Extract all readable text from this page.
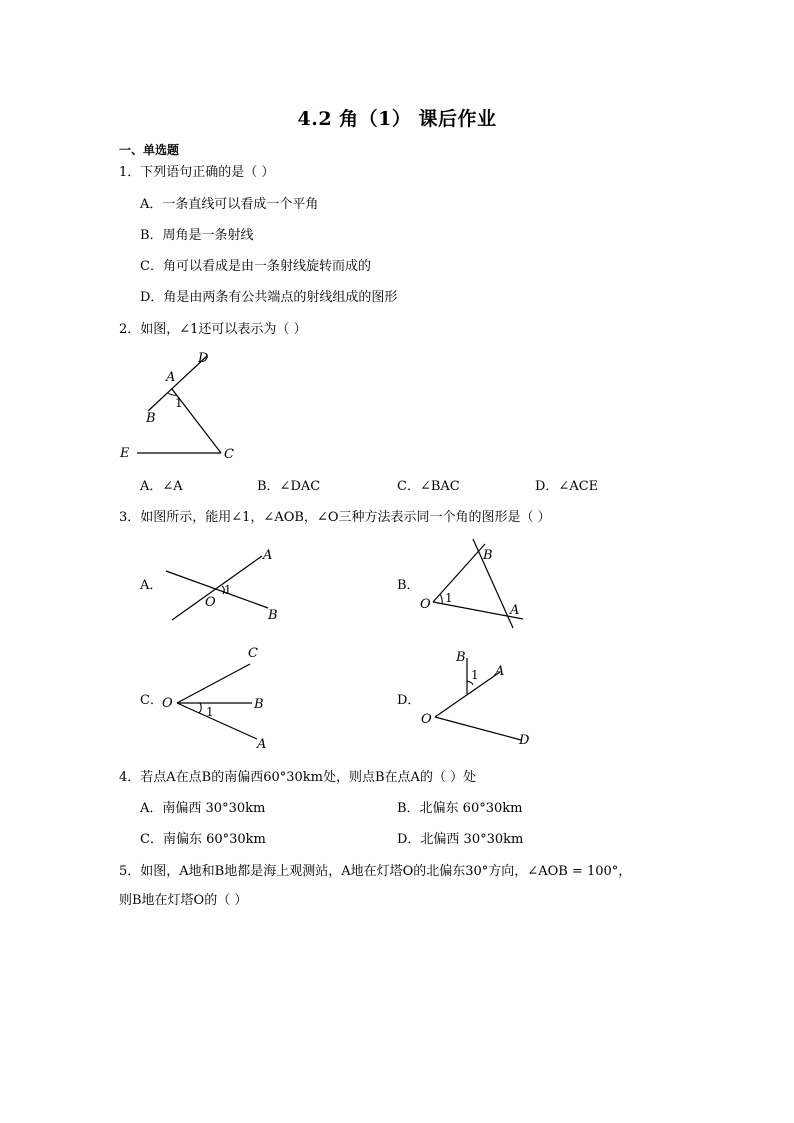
4.2 角（1） 课后作业
一、单选题
1．下列语句正确的是（ ）
A．一条直线可以看成一个平角
B．周角是一条射线
C．角可以看成是由一条射线旋转而成的
D．角是由两条有公共端点的射线组成的图形
2．如图，∠1还可以表示为（ ）
D
A
1
B
E	C
A．∠A	B．∠DAC	C．∠BAC	D．∠ACE
3．如图所示，能用∠1，∠AOB，∠O三种方法表示同一个角的图形是（ ）
A．
A
O
1
B
B．
B
O 1
A
C．
C
O
1	B
A
D．
B
1 A
O
D
4．若点A在点B的南偏西60°30km处，则点B在点A的（ ）处
A．南偏西 30°30km	B．北偏东 60°30km
C．南偏东 60°30km	D．北偏西 30°30km
5．如图，A地和B地都是海上观测站，A地在灯塔O的北偏东30°方向，∠AOB = 100°，
则B地在灯塔O的（ ）
